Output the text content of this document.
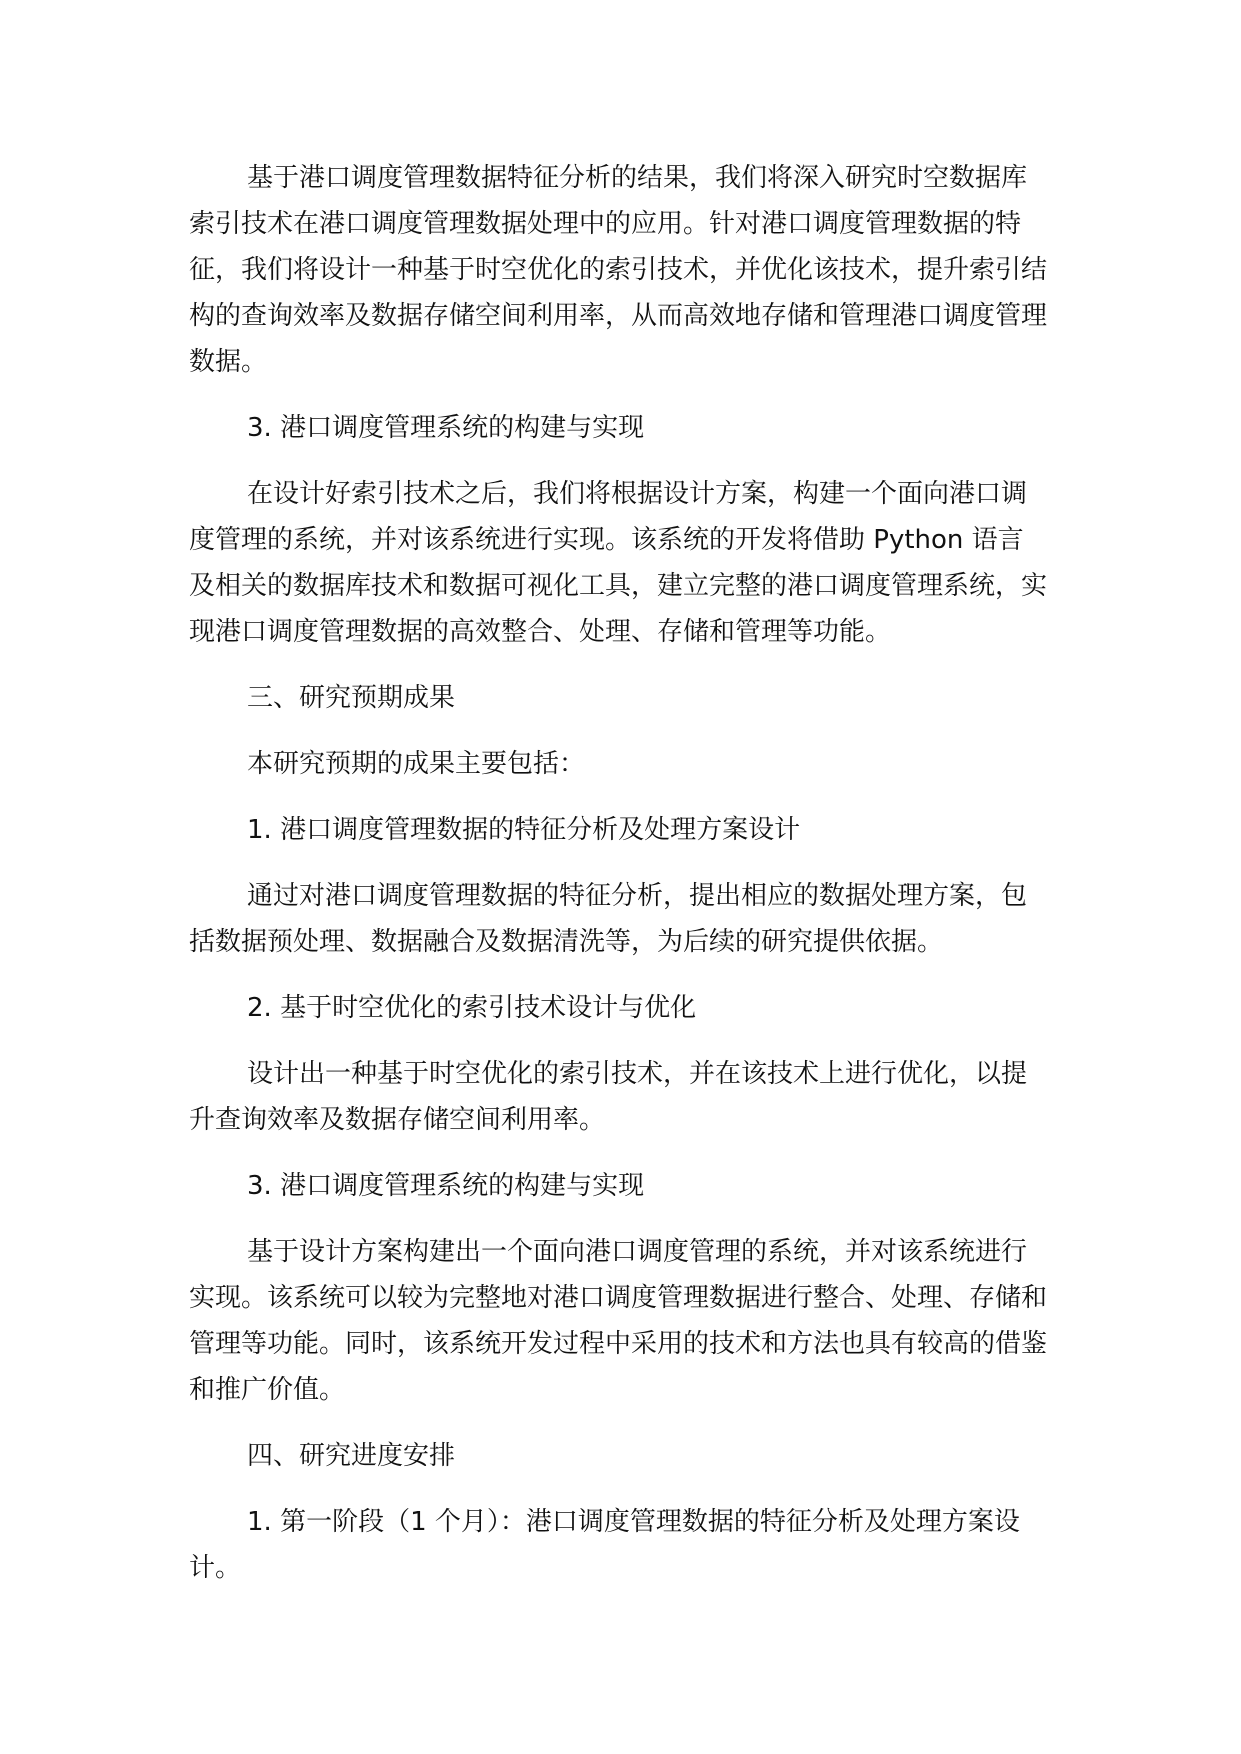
基于港口调度管理数据特征分析的结果，我们将深入研究时空数据库索引技术在港口调度管理数据处理中的应用。针对港口调度管理数据的特征，我们将设计一种基于时空优化的索引技术，并优化该技术，提升索引结构的查询效率及数据存储空间利用率，从而高效地存储和管理港口调度管理数据。

3. 港口调度管理系统的构建与实现

在设计好索引技术之后，我们将根据设计方案，构建一个面向港口调度管理的系统，并对该系统进行实现。该系统的开发将借助 Python 语言及相关的数据库技术和数据可视化工具，建立完整的港口调度管理系统，实现港口调度管理数据的高效整合、处理、存储和管理等功能。

三、研究预期成果

本研究预期的成果主要包括：

1. 港口调度管理数据的特征分析及处理方案设计

通过对港口调度管理数据的特征分析，提出相应的数据处理方案，包括数据预处理、数据融合及数据清洗等，为后续的研究提供依据。

2. 基于时空优化的索引技术设计与优化

设计出一种基于时空优化的索引技术，并在该技术上进行优化，以提升查询效率及数据存储空间利用率。

3. 港口调度管理系统的构建与实现

基于设计方案构建出一个面向港口调度管理的系统，并对该系统进行实现。该系统可以较为完整地对港口调度管理数据进行整合、处理、存储和管理等功能。同时，该系统开发过程中采用的技术和方法也具有较高的借鉴和推广价值。

四、研究进度安排

1. 第一阶段（1 个月）：港口调度管理数据的特征分析及处理方案设计。
